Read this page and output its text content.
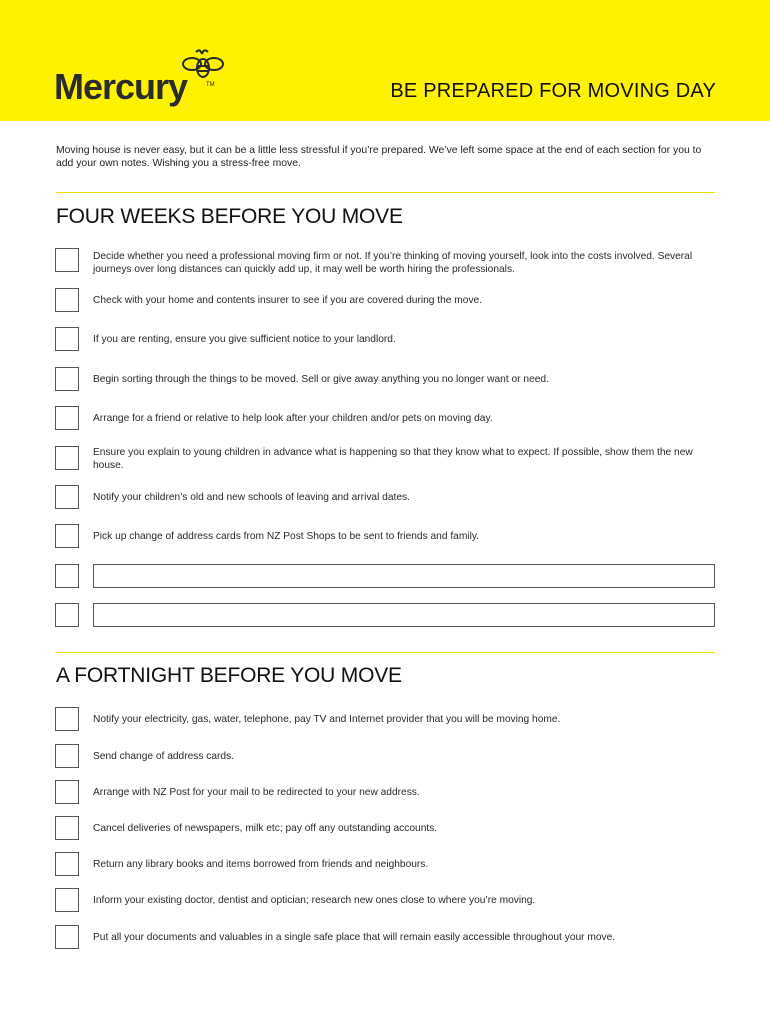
Mercury	TM	BE PREPARED FOR MOVING DAY
Moving house is never easy, but it can be a little less stressful if you’re prepared. We’ve left some space at the end of each section for you to add your own notes. Wishing you a stress-free move.
FOUR WEEKS BEFORE YOU MOVE
Decide whether you need a professional moving firm or not. If you’re thinking of moving yourself, look into the costs involved. Several journeys over long distances can quickly add up, it may well be worth hiring the professionals.
Check with your home and contents insurer to see if you are covered during the move.
If you are renting, ensure you give sufficient notice to your landlord.
Begin sorting through the things to be moved. Sell or give away anything you no longer want or need.
Arrange for a friend or relative to help look after your children and/or pets on moving day.
Ensure you explain to young children in advance what is happening so that they know what to expect. If possible, show them the new house.
Notify your children’s old and new schools of leaving and arrival dates.
Pick up change of address cards from NZ Post Shops to be sent to friends and family.
A FORTNIGHT BEFORE YOU MOVE
Notify your electricity, gas, water, telephone, pay TV and Internet provider that you will be moving home.
Send change of address cards.
Arrange with NZ Post for your mail to be redirected to your new address.
Cancel deliveries of newspapers, milk etc; pay off any outstanding accounts.
Return any library books and items borrowed from friends and neighbours.
Inform your existing doctor, dentist and optician; research new ones close to where you’re moving.
Put all your documents and valuables in a single safe place that will remain easily accessible throughout your move.
